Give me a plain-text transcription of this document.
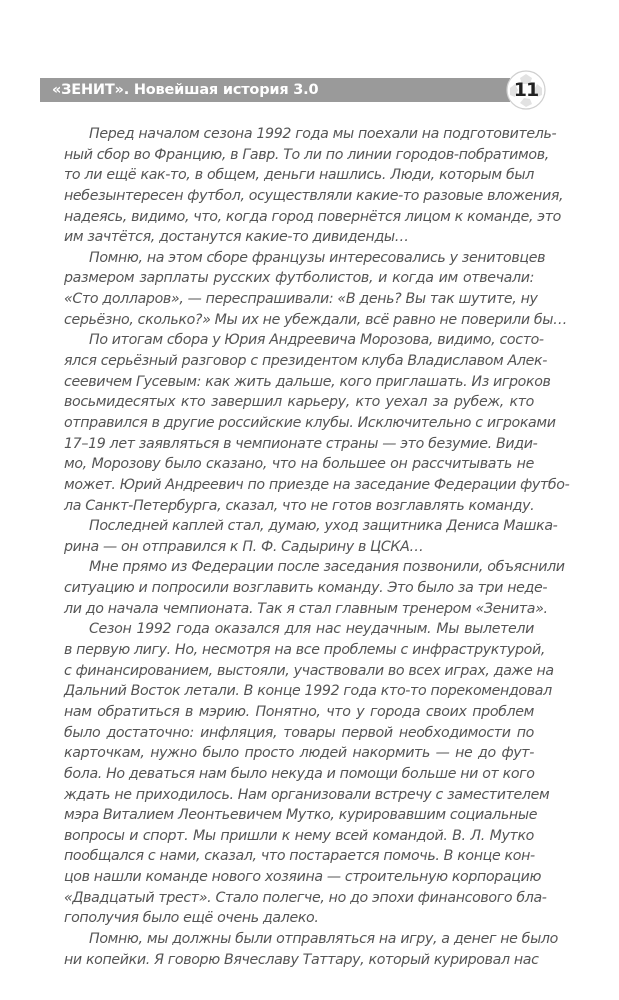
«ЗЕНИТ». Новейшая история 3.0	11
Перед началом сезона 1992 года мы поехали на подготовитель-
ный сбор во Францию, в Гавр. То ли по линии городов-побратимов,
то ли ещё как-то, в общем, деньги нашлись. Люди, которым был
небезынтересен футбол, осуществляли какие-то разовые вложения,
надеясь, видимо, что, когда город повернётся лицом к команде, это
им зачтётся, достанутся какие-то дивиденды…
Помню, на этом сборе французы интересовались у зенитовцев
размером зарплаты русских футболистов, и когда им отвечали:
«Сто долларов», — переспрашивали: «В день? Вы так шутите, ну
серьёзно, сколько?» Мы их не убеждали, всё равно не поверили бы…
По итогам сбора у Юрия Андреевича Морозова, видимо, состо-
ялся серьёзный разговор с президентом клуба Владиславом Алек-
сеевичем Гусевым: как жить дальше, кого приглашать. Из игроков
восьмидесятых кто завершил карьеру, кто уехал за рубеж, кто
отправился в другие российские клубы. Исключительно с игроками
17–19 лет заявляться в чемпионате страны — это безумие. Види-
мо, Морозову было сказано, что на большее он рассчитывать не
может. Юрий Андреевич по приезде на заседание Федерации футбо-
ла Санкт-Петербурга, сказал, что не готов возглавлять команду.
Последней каплей стал, думаю, уход защитника Дениса Машка-
рина — он отправился к П. Ф. Садырину в ЦСКА…
Мне прямо из Федерации после заседания позвонили, объяснили
ситуацию и попросили возглавить команду. Это было за три неде-
ли до начала чемпионата. Так я стал главным тренером «Зенита».
Сезон 1992 года оказался для нас неудачным. Мы вылетели
в первую лигу. Но, несмотря на все проблемы с инфраструктурой,
с финансированием, выстояли, участвовали во всех играх, даже на
Дальний Восток летали. В конце 1992 года кто-то порекомендовал
нам обратиться в мэрию. Понятно, что у города своих проблем
было достаточно: инфляция, товары первой необходимости по
карточкам, нужно было просто людей накормить — не до фут-
бола. Но деваться нам было некуда и помощи больше ни от кого
ждать не приходилось. Нам организовали встречу с заместителем
мэра Виталием Леонтьевичем Мутко, курировавшим социальные
вопросы и спорт. Мы пришли к нему всей командой. В. Л. Мутко
пообщался с нами, сказал, что постарается помочь. В конце кон-
цов нашли команде нового хозяина — строительную корпорацию
«Двадцатый трест». Стало полегче, но до эпохи финансового бла-
гополучия было ещё очень далеко.
Помню, мы должны были отправляться на игру, а денег не было
ни копейки. Я говорю Вячеславу Таттару, который курировал нас
